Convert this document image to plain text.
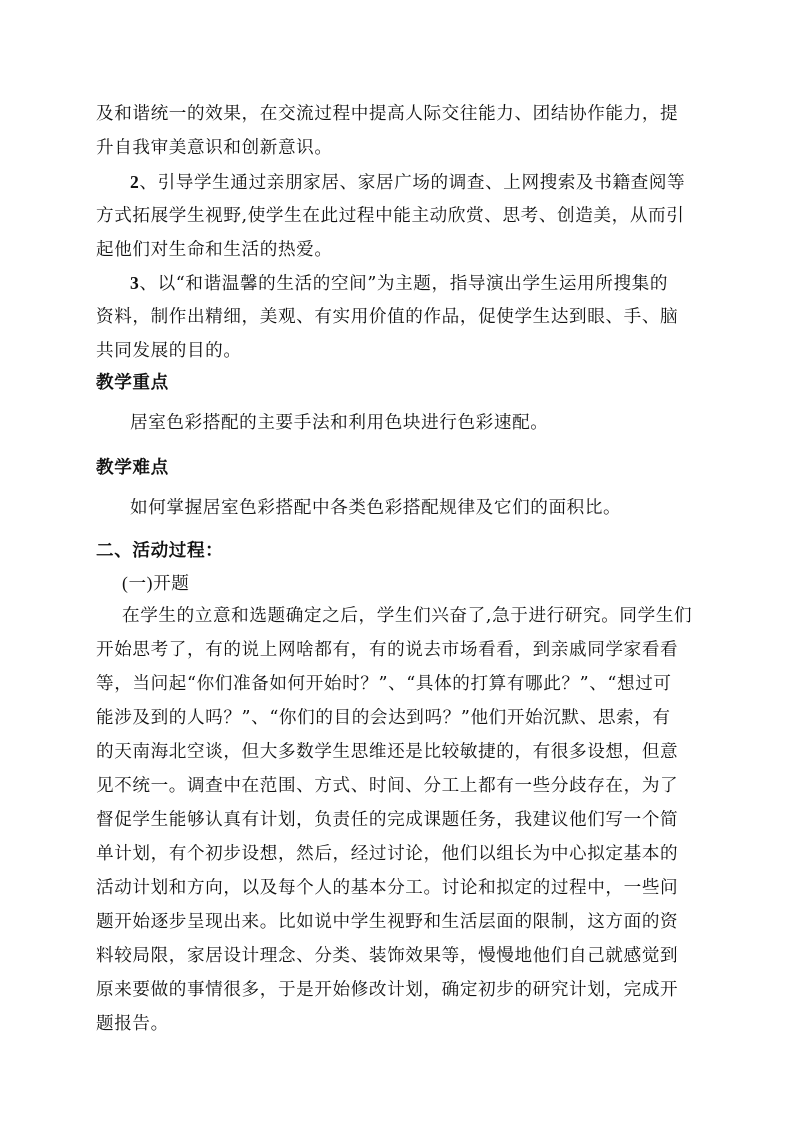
及和谐统一的效果，在交流过程中提高人际交往能力、团结协作能力，提
升自我审美意识和创新意识。
2、引导学生通过亲朋家居、家居广场的调查、上网搜索及书籍查阅等
方式拓展学生视野,使学生在此过程中能主动欣赏、思考、创造美，从而引
起他们对生命和生活的热爱。
3、以“和谐温馨的生活的空间”为主题，指导演出学生运用所搜集的
资料，制作出精细，美观、有实用价值的作品，促使学生达到眼、手、脑
共同发展的目的。
教学重点
居室色彩搭配的主要手法和利用色块进行色彩速配。
教学难点
如何掌握居室色彩搭配中各类色彩搭配规律及它们的面积比。
二、活动过程：
(一)开题
在学生的立意和选题确定之后，学生们兴奋了,急于进行研究。同学生们
开始思考了，有的说上网啥都有，有的说去市场看看，到亲戚同学家看看
等，当问起“你们准备如何开始时？”、“具体的打算有哪此？”、“想过可
能涉及到的人吗？”、“你们的目的会达到吗？”他们开始沉默、思索，有
的天南海北空谈，但大多数学生思维还是比较敏捷的，有很多设想，但意
见不统一。调查中在范围、方式、时间、分工上都有一些分歧存在，为了
督促学生能够认真有计划，负责任的完成课题任务，我建议他们写一个简
单计划，有个初步设想，然后，经过讨论，他们以组长为中心拟定基本的
活动计划和方向，以及每个人的基本分工。讨论和拟定的过程中，一些问
题开始逐步呈现出来。比如说中学生视野和生活层面的限制，这方面的资
料较局限，家居设计理念、分类、装饰效果等，慢慢地他们自己就感觉到
原来要做的事情很多，于是开始修改计划，确定初步的研究计划，完成开
题报告。
